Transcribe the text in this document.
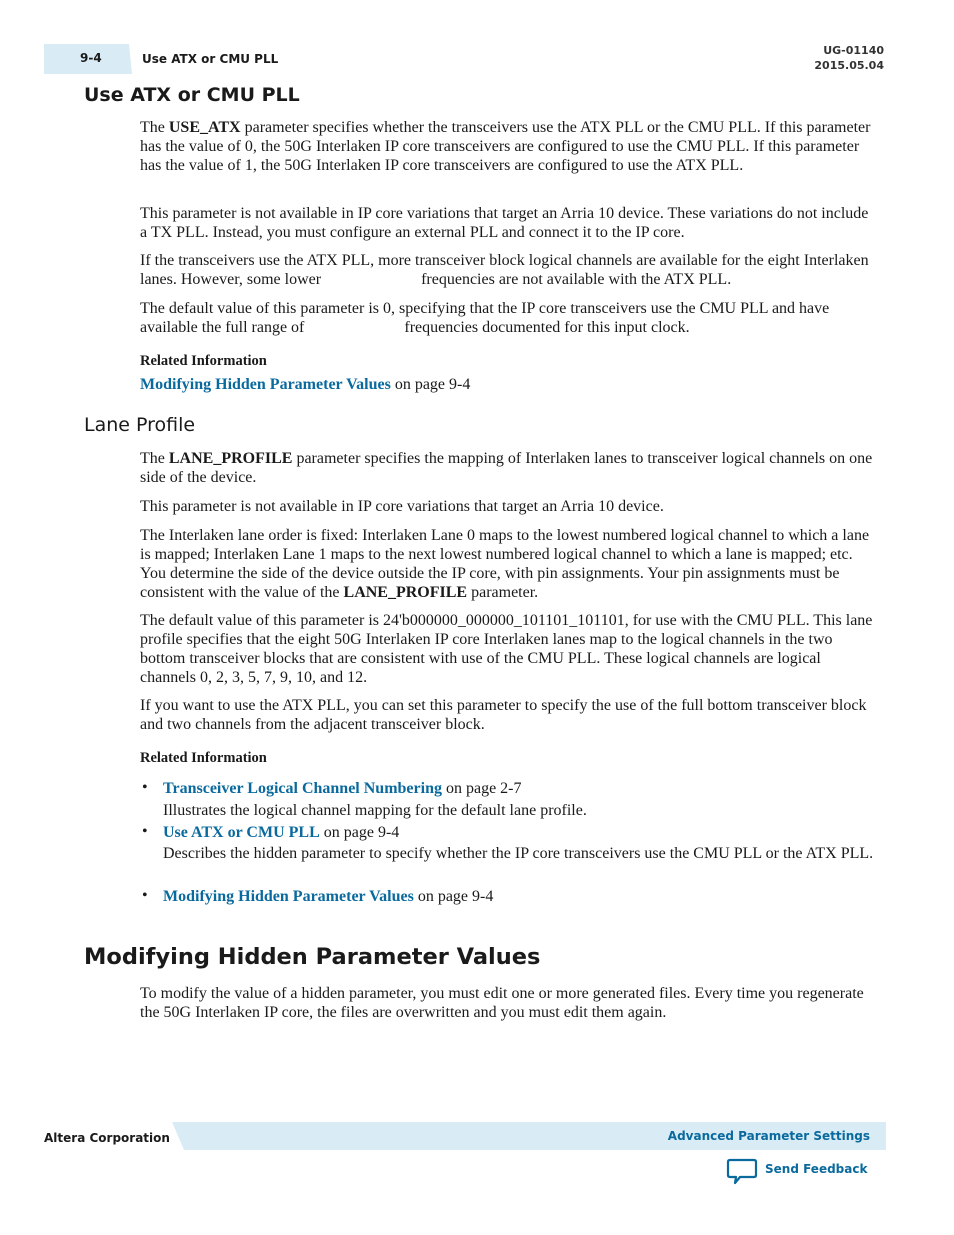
9-4	Use ATX or CMU PLL
UG-01140
2015.05.04
Use ATX or CMU PLL

The USE_ATX parameter specifies whether the transceivers use the ATX PLL or the CMU PLL. If this parameter has the value of 0, the 50G Interlaken IP core transceivers are configured to use the CMU PLL. If this parameter has the value of 1, the 50G Interlaken IP core transceivers are configured to use the ATX PLL.

This parameter is not available in IP core variations that target an Arria 10 device. These variations do not include a TX PLL. Instead, you must configure an external PLL and connect it to the IP core.

If the transceivers use the ATX PLL, more transceiver block logical channels are available for the eight Interlaken lanes. However, some lower	frequencies are not available with the ATX PLL.

The default value of this parameter is 0, specifying that the IP core transceivers use the CMU PLL and have available the full range of	frequencies documented for this input clock.

Related Information

Modifying Hidden Parameter Values on page 9-4

Lane Profile

The LANE_PROFILE parameter specifies the mapping of Interlaken lanes to transceiver logical channels on one side of the device.

This parameter is not available in IP core variations that target an Arria 10 device.

The Interlaken lane order is fixed: Interlaken Lane 0 maps to the lowest numbered logical channel to which a lane is mapped; Interlaken Lane 1 maps to the next lowest numbered logical channel to which a lane is mapped; etc. You determine the side of the device outside the IP core, with pin assignments. Your pin assignments must be consistent with the value of the LANE_PROFILE parameter.

The default value of this parameter is 24'b000000_000000_101101_101101, for use with the CMU PLL. This lane profile specifies that the eight 50G Interlaken IP core Interlaken lanes map to the logical channels in the two bottom transceiver blocks that are consistent with use of the CMU PLL. These logical channels are logical channels 0, 2, 3, 5, 7, 9, 10, and 12.

If you want to use the ATX PLL, you can set this parameter to specify the use of the full bottom transceiver block and two channels from the adjacent transceiver block.

Related Information

• Transceiver Logical Channel Numbering on page 2-7
Illustrates the logical channel mapping for the default lane profile.
• Use ATX or CMU PLL on page 9-4
Describes the hidden parameter to specify whether the IP core transceivers use the CMU PLL or the ATX PLL.
• Modifying Hidden Parameter Values on page 9-4
Modifying Hidden Parameter Values

To modify the value of a hidden parameter, you must edit one or more generated files. Every time you regenerate the 50G Interlaken IP core, the files are overwritten and you must edit them again.

Altera Corporation	Advanced Parameter Settings
Send Feedback
